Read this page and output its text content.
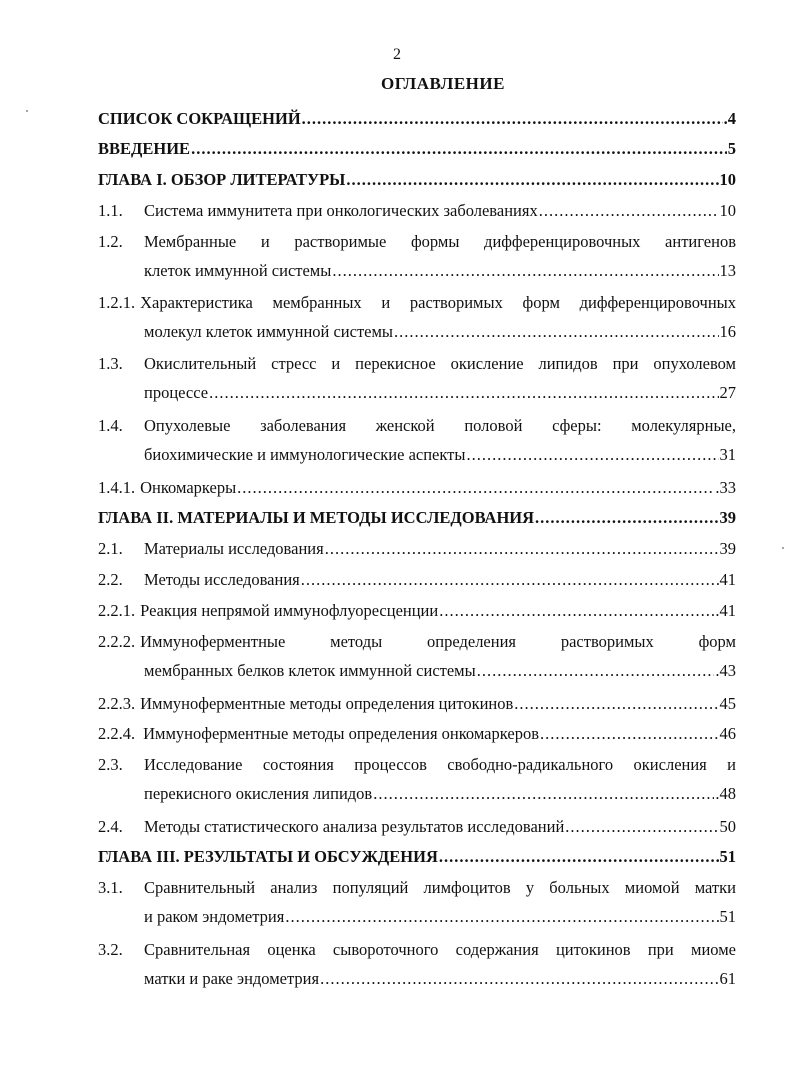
2
ОГЛАВЛЕНИЕ
СПИСОК СОКРАЩЕНИЙ .....	.4
ВВЕДЕНИЕ .....	5
ГЛАВА I. ОБЗОР ЛИТЕРАТУРЫ .....	10
1.1.	Система иммунитета при онкологических заболеваниях .....	10
1.2.	Мембранные и растворимые формы дифференцировочных антигенов
клеток иммунной системы .....	13
1.2.1. Характеристика мембранных и растворимых форм дифференцировочных
молекул клеток иммунной системы .....	16
1.3.	Окислительный стресс и перекисное окисление липидов при опухолевом
процессе .....	27
1.4.	Опухолевые заболевания женской половой сферы: молекулярные,
биохимические и иммунологические аспекты .....	31
1.4.1. Онкомаркеры .....	.33
ГЛАВА II. МАТЕРИАЛЫ И МЕТОДЫ ИССЛЕДОВАНИЯ .....	39
2.1.	Материалы исследования .....	39
2.2.	Методы исследования .....	41
2.2.1. Реакция непрямой иммунофлуоресценции .....	.41
2.2.2. Иммуноферментные методы определения растворимых форм
мембранных белков клеток иммунной системы .....	.43
2.2.3. Иммуноферментные методы определения цитокинов .....	45
2.2.4. Иммуноферментные методы определения онкомаркеров .....	46
2.3.	Исследование состояния процессов свободно-радикального окисления и
перекисного окисления липидов .....	.48
2.4.	Методы статистического анализа результатов исследований .....	50
ГЛАВА III. РЕЗУЛЬТАТЫ И ОБСУЖДЕНИЯ .....	51
3.1.	Сравнительный анализ популяций лимфоцитов у больных миомой матки
и раком эндометрия .....	51
3.2.	Сравнительная оценка сывороточного содержания цитокинов при миоме
матки и раке эндометрия .....	61
